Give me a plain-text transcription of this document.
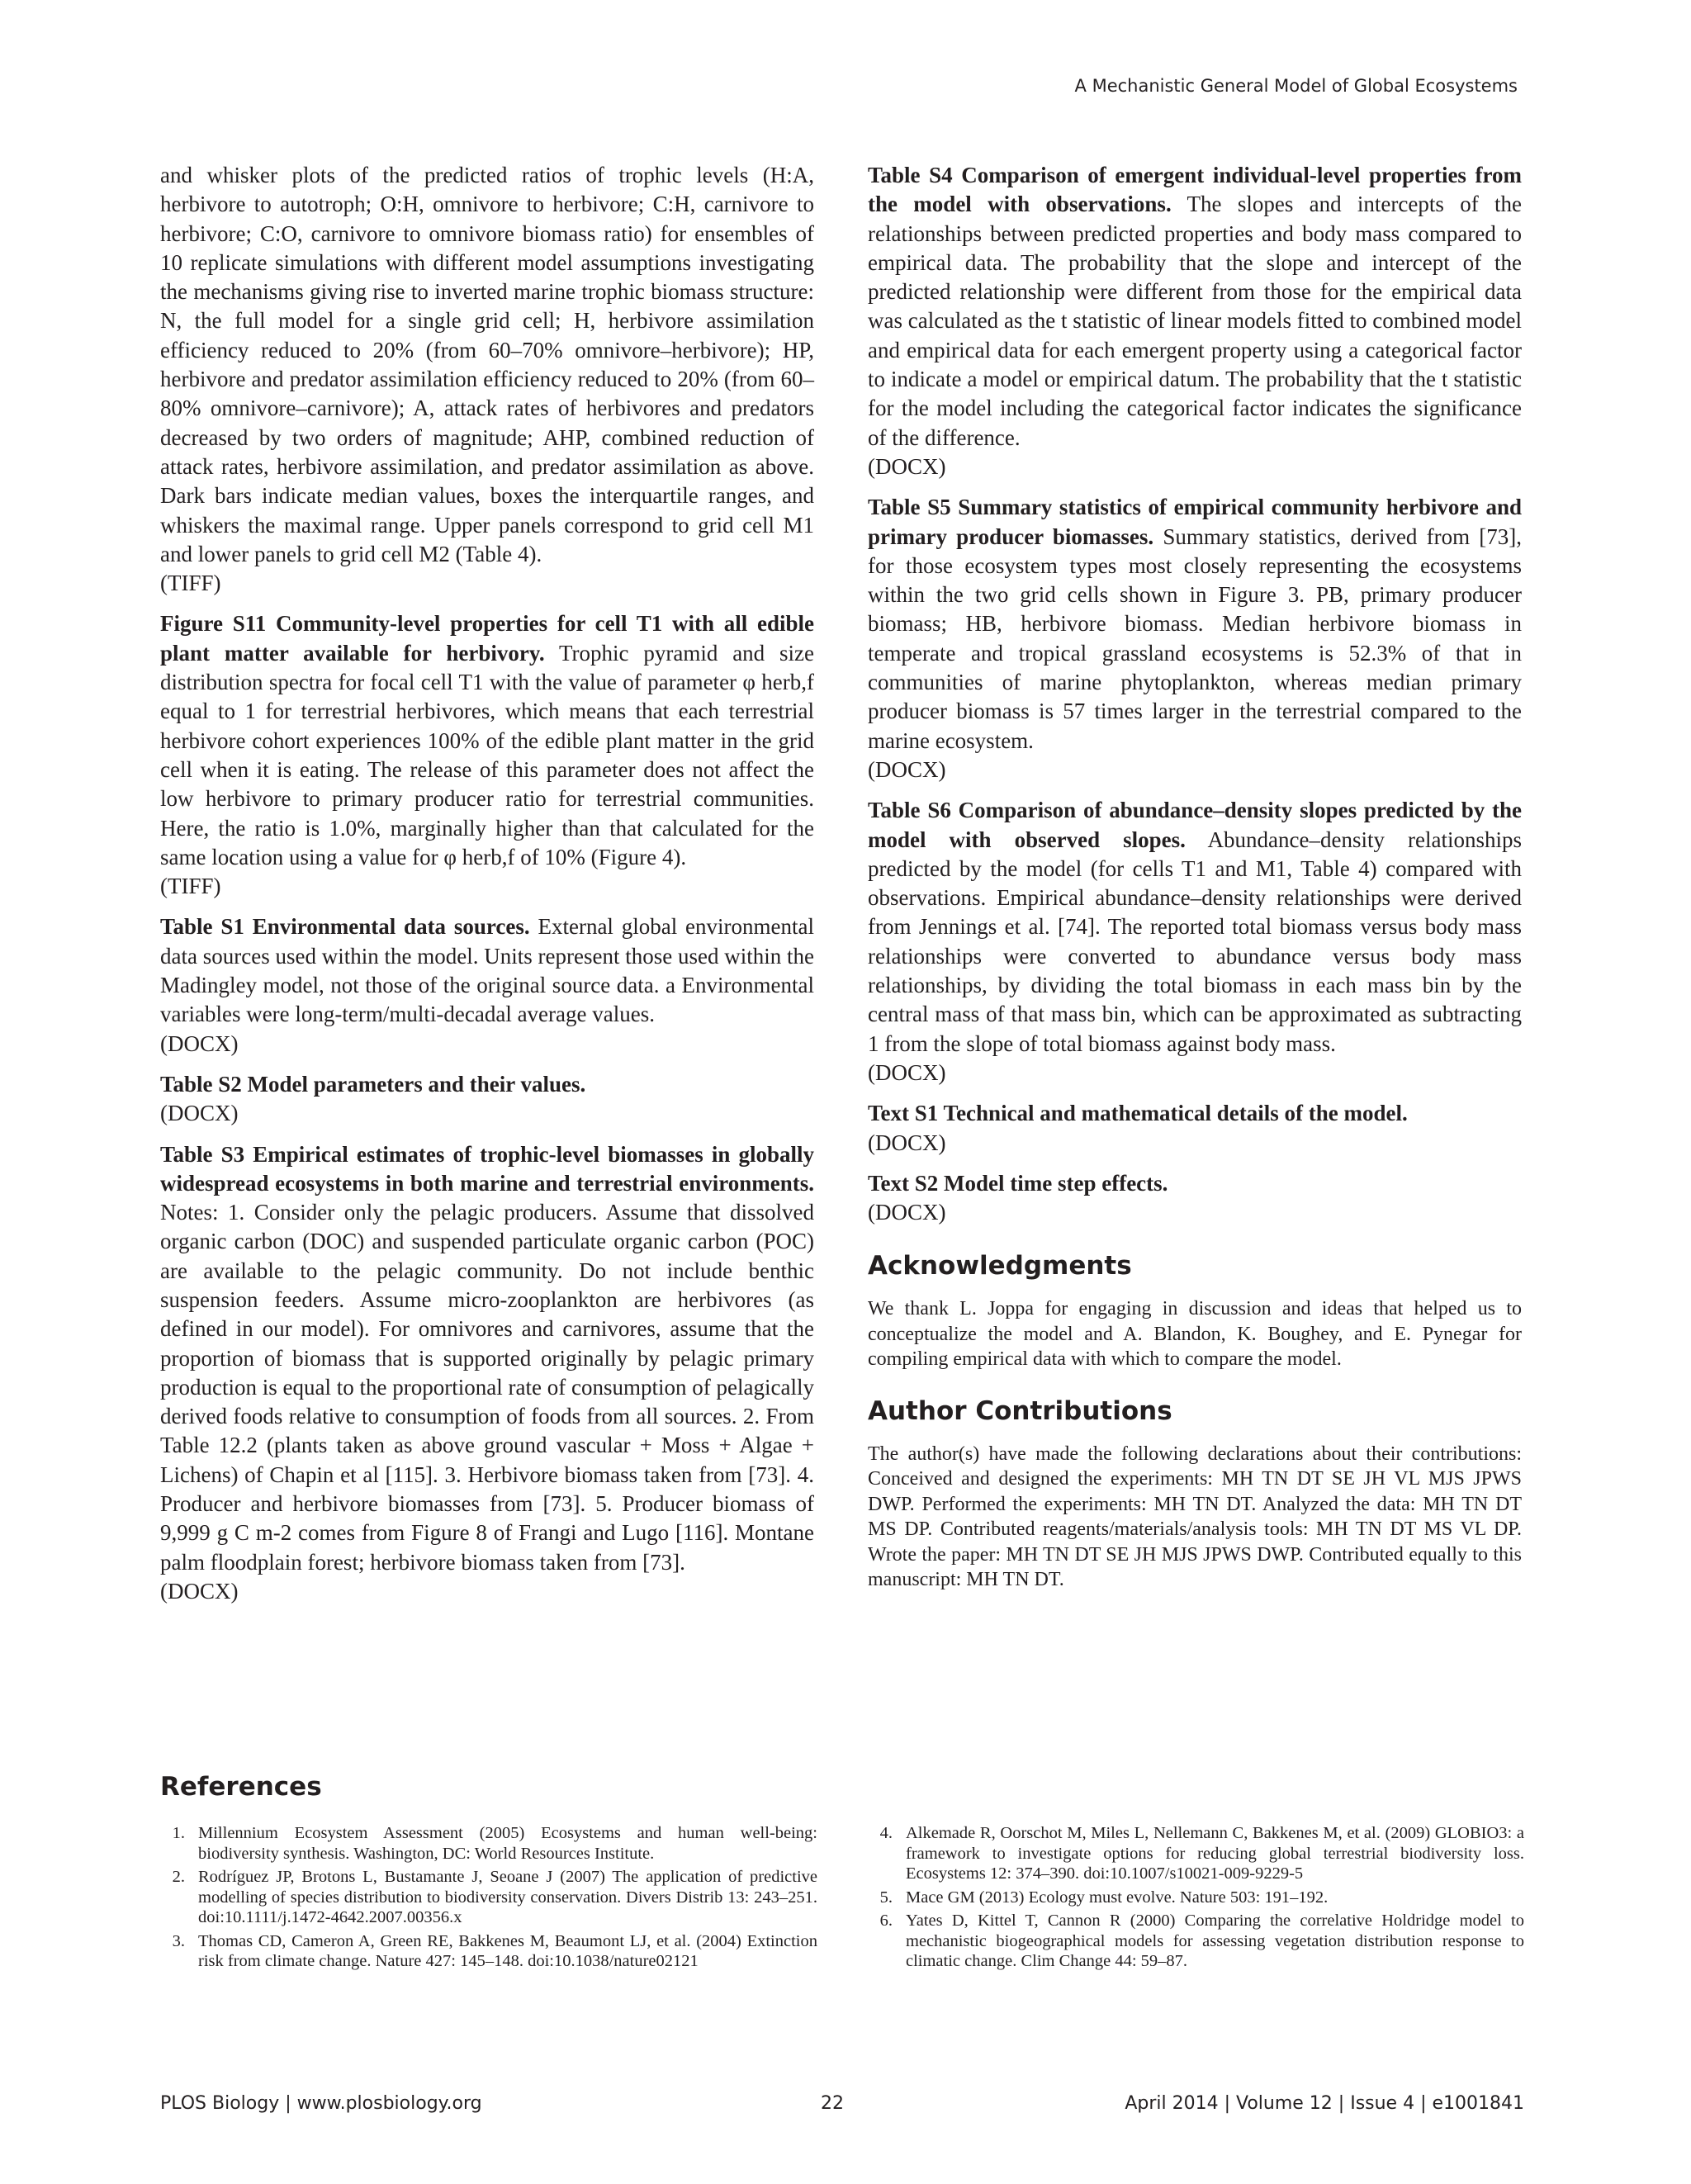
A Mechanistic General Model of Global Ecosystems

and whisker plots of the predicted ratios of trophic levels (H:A, herbivore to autotroph; O:H, omnivore to herbivore; C:H, carnivore to herbivore; C:O, carnivore to omnivore biomass ratio) for ensembles of 10 replicate simulations with different model assumptions investigating the mechanisms giving rise to inverted marine trophic biomass structure: N, the full model for a single grid cell; H, herbivore assimilation efficiency reduced to 20% (from 60–70% omnivore–herbivore); HP, herbivore and predator assimilation efficiency reduced to 20% (from 60–80% omnivore–carnivore); A, attack rates of herbivores and predators decreased by two orders of magnitude; AHP, combined reduction of attack rates, herbivore assimilation, and predator assimilation as above. Dark bars indicate median values, boxes the interquartile ranges, and whiskers the maximal range. Upper panels correspond to grid cell M1 and lower panels to grid cell M2 (Table 4).
(TIFF)

Figure S11 Community-level properties for cell T1 with all edible plant matter available for herbivory. Trophic pyramid and size distribution spectra for focal cell T1 with the value of parameter φ herb,f equal to 1 for terrestrial herbivores, which means that each terrestrial herbivore cohort experiences 100% of the edible plant matter in the grid cell when it is eating. The release of this parameter does not affect the low herbivore to primary producer ratio for terrestrial communities. Here, the ratio is 1.0%, marginally higher than that calculated for the same location using a value for φ herb,f of 10% (Figure 4).
(TIFF)

Table S1 Environmental data sources. External global environmental data sources used within the model. Units represent those used within the Madingley model, not those of the original source data. a Environmental variables were long-term/multi-decadal average values.
(DOCX)

Table S2 Model parameters and their values.
(DOCX)

Table S3 Empirical estimates of trophic-level biomasses in globally widespread ecosystems in both marine and terrestrial environments. Notes: 1. Consider only the pelagic producers. Assume that dissolved organic carbon (DOC) and suspended particulate organic carbon (POC) are available to the pelagic community. Do not include benthic suspension feeders. Assume micro-zooplankton are herbivores (as defined in our model). For omnivores and carnivores, assume that the proportion of biomass that is supported originally by pelagic primary production is equal to the proportional rate of consumption of pelagically derived foods relative to consumption of foods from all sources. 2. From Table 12.2 (plants taken as above ground vascular + Moss + Algae + Lichens) of Chapin et al [115]. 3. Herbivore biomass taken from [73]. 4. Producer and herbivore biomasses from [73]. 5. Producer biomass of 9,999 g C m-2 comes from Figure 8 of Frangi and Lugo [116]. Montane palm floodplain forest; herbivore biomass taken from [73].
(DOCX)

Table S4 Comparison of emergent individual-level properties from the model with observations. The slopes and intercepts of the relationships between predicted properties and body mass compared to empirical data. The probability that the slope and intercept of the predicted relationship were different from those for the empirical data was calculated as the t statistic of linear models fitted to combined model and empirical data for each emergent property using a categorical factor to indicate a model or empirical datum. The probability that the t statistic for the model including the categorical factor indicates the significance of the difference.
(DOCX)

Table S5 Summary statistics of empirical community herbivore and primary producer biomasses. Summary statistics, derived from [73], for those ecosystem types most closely representing the ecosystems within the two grid cells shown in Figure 3. PB, primary producer biomass; HB, herbivore biomass. Median herbivore biomass in temperate and tropical grassland ecosystems is 52.3% of that in communities of marine phytoplankton, whereas median primary producer biomass is 57 times larger in the terrestrial compared to the marine ecosystem.
(DOCX)

Table S6 Comparison of abundance–density slopes predicted by the model with observed slopes. Abundance–density relationships predicted by the model (for cells T1 and M1, Table 4) compared with observations. Empirical abundance–density relationships were derived from Jennings et al. [74]. The reported total biomass versus body mass relationships were converted to abundance versus body mass relationships, by dividing the total biomass in each mass bin by the central mass of that mass bin, which can be approximated as subtracting 1 from the slope of total biomass against body mass.
(DOCX)

Text S1 Technical and mathematical details of the model.
(DOCX)

Text S2 Model time step effects.
(DOCX)

Acknowledgments

We thank L. Joppa for engaging in discussion and ideas that helped us to conceptualize the model and A. Blandon, K. Boughey, and E. Pynegar for compiling empirical data with which to compare the model.

Author Contributions

The author(s) have made the following declarations about their contributions: Conceived and designed the experiments: MH TN DT SE JH VL MJS JPWS DWP. Performed the experiments: MH TN DT. Analyzed the data: MH TN DT MS DP. Contributed reagents/materials/analysis tools: MH TN DT MS VL DP. Wrote the paper: MH TN DT SE JH MJS JPWS DWP. Contributed equally to this manuscript: MH TN DT.

References
1. Millennium Ecosystem Assessment (2005) Ecosystems and human well-being: biodiversity synthesis. Washington, DC: World Resources Institute.
2. Rodríguez JP, Brotons L, Bustamante J, Seoane J (2007) The application of predictive modelling of species distribution to biodiversity conservation. Divers Distrib 13: 243–251. doi:10.1111/j.1472-4642.2007.00356.x
3. Thomas CD, Cameron A, Green RE, Bakkenes M, Beaumont LJ, et al. (2004) Extinction risk from climate change. Nature 427: 145–148. doi:10.1038/nature02121
4. Alkemade R, Oorschot M, Miles L, Nellemann C, Bakkenes M, et al. (2009) GLOBIO3: a framework to investigate options for reducing global terrestrial biodiversity loss. Ecosystems 12: 374–390. doi:10.1007/s10021-009-9229-5
5. Mace GM (2013) Ecology must evolve. Nature 503: 191–192.
6. Yates D, Kittel T, Cannon R (2000) Comparing the correlative Holdridge model to mechanistic biogeographical models for assessing vegetation distribution response to climatic change. Clim Change 44: 59–87.
PLOS Biology | www.plosbiology.org	22	April 2014 | Volume 12 | Issue 4 | e1001841
